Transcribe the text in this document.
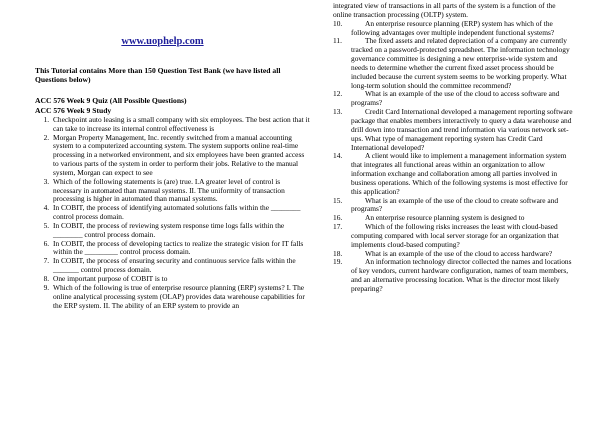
www.uophelp.com
This Tutorial contains More than 150 Question Test Bank (we have listed all Questions below)
ACC 576 Week 9 Quiz (All Possible Questions)
ACC 576 Week 9 Study
1. Checkpoint auto leasing is a small company with six employees. The best action that it can take to increase its internal control effectiveness is
2. Morgan Property Management, Inc. recently switched from a manual accounting system to a computerized accounting system. The system supports online real-time processing in a networked environment, and six employees have been granted access to various parts of the system in order to perform their jobs. Relative to the manual system, Morgan can expect to see
3. Which of the following statements is (are) true. I.A greater level of control is necessary in automated than manual systems. II. The uniformity of transaction processing is higher in automated than manual systems.
4. In COBIT, the process of identifying automated solutions falls within the ________ control process domain.
5. In COBIT, the process of reviewing system response time logs falls within the ________ control process domain.
6. In COBIT, the process of developing tactics to realize the strategic vision for IT falls within the _________ control process domain.
7. In COBIT, the process of ensuring security and continuous service falls within the _______ control process domain.
8. One important purpose of COBIT is to
9. Which of the following is true of enterprise resource planning (ERP) systems? I. The online analytical processing system (OLAP) provides data warehouse capabilities for the ERP system. II. The ability of an ERP system to provide an
integrated view of transactions in all parts of the system is a function of the online transaction processing (OLTP) system.
10.	An enterprise resource planning (ERP) system has which of the following advantages over multiple independent functional systems?
11.	The fixed assets and related depreciation of a company are currently tracked on a password-protected spreadsheet. The information technology governance committee is designing a new enterprise-wide system and needs to determine whether the current fixed asset process should be included because the current system seems to be working properly. What long-term solution should the committee recommend?
12.	What is an example of the use of the cloud to access software and programs?
13.	Credit Card International developed a management reporting software package that enables members interactively to query a data warehouse and drill down into transaction and trend information via various network set-ups. What type of management reporting system has Credit Card International developed?
14.	A client would like to implement a management information system that integrates all functional areas within an organization to allow information exchange and collaboration among all parties involved in business operations. Which of the following systems is most effective for this application?
15.	What is an example of the use of the cloud to create software and programs?
16.	An enterprise resource planning system is designed to
17.	Which of the following risks increases the least with cloud-based computing compared with local server storage for an organization that implements cloud-based computing?
18.	What is an example of the use of the cloud to access hardware?
19.	An information technology director collected the names and locations of key vendors, current hardware configuration, names of team members, and an alternative processing location. What is the director most likely preparing?
